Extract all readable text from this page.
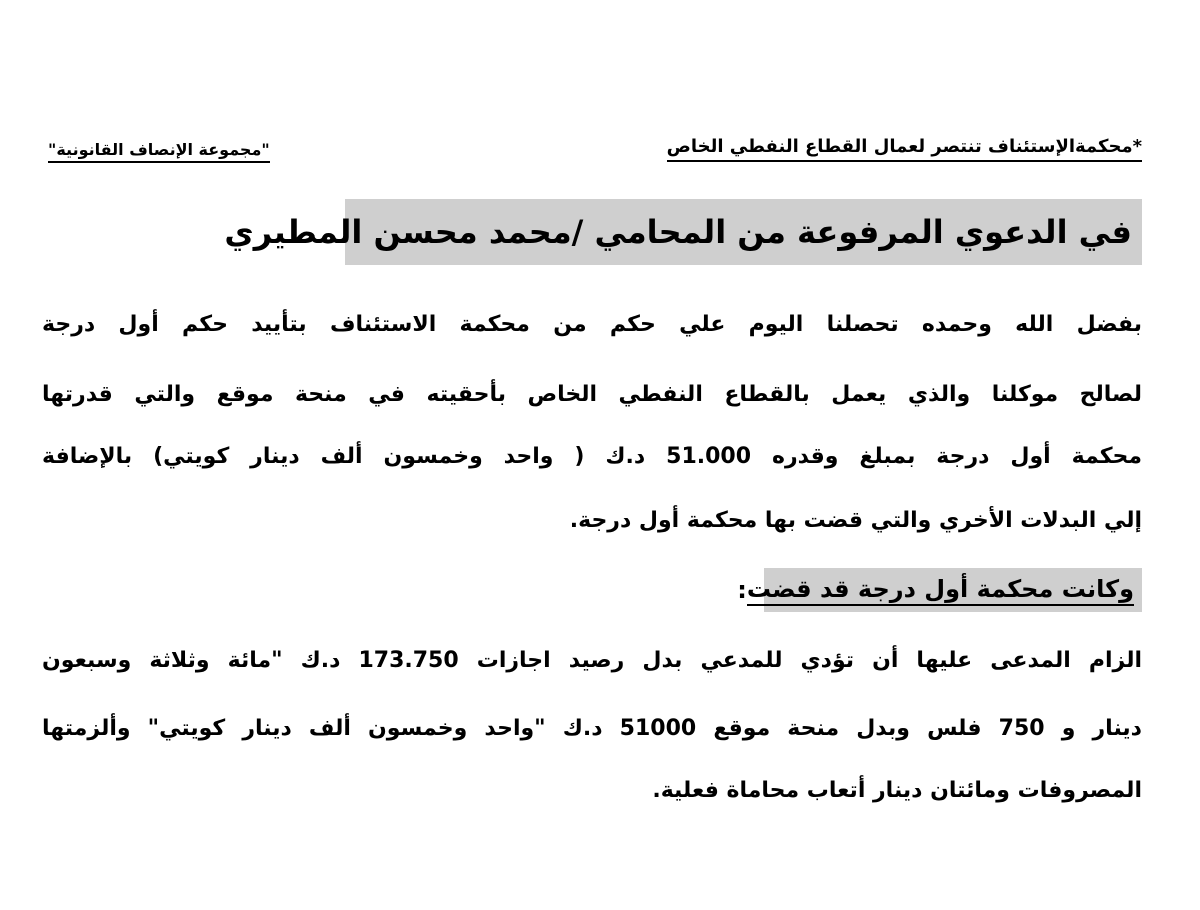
*محكمةالإستئناف تنتصر لعمال القطاع النفطي الخاص
"مجموعة الإنصاف القانونية"
في الدعوي المرفوعة من المحامي /محمد محسن المطيري
بفضل الله وحمده تحصلنا اليوم علي حكم من محكمة الاستئناف بتأييد حكم أول درجة
لصالح موكلنا والذي يعمل بالقطاع النفطي الخاص بأحقيته في منحة موقع والتي قدرتها
محكمة أول درجة بمبلغ وقدره 51.000 د.ك ( واحد وخمسون ألف دينار كويتي) بالإضافة
إلي البدلات الأخري والتي قضت بها محكمة أول درجة.
وكانت محكمة أول درجة قد قضت
:
الزام المدعى عليها أن تؤدي للمدعي بدل رصيد اجازات 173.750 د.ك "مائة وثلاثة وسبعون
دينار و 750 فلس وبدل منحة موقع 51000 د.ك "واحد وخمسون ألف دينار كويتي" وألزمتها
المصروفات ومائتان دينار أتعاب محاماة فعلية.
